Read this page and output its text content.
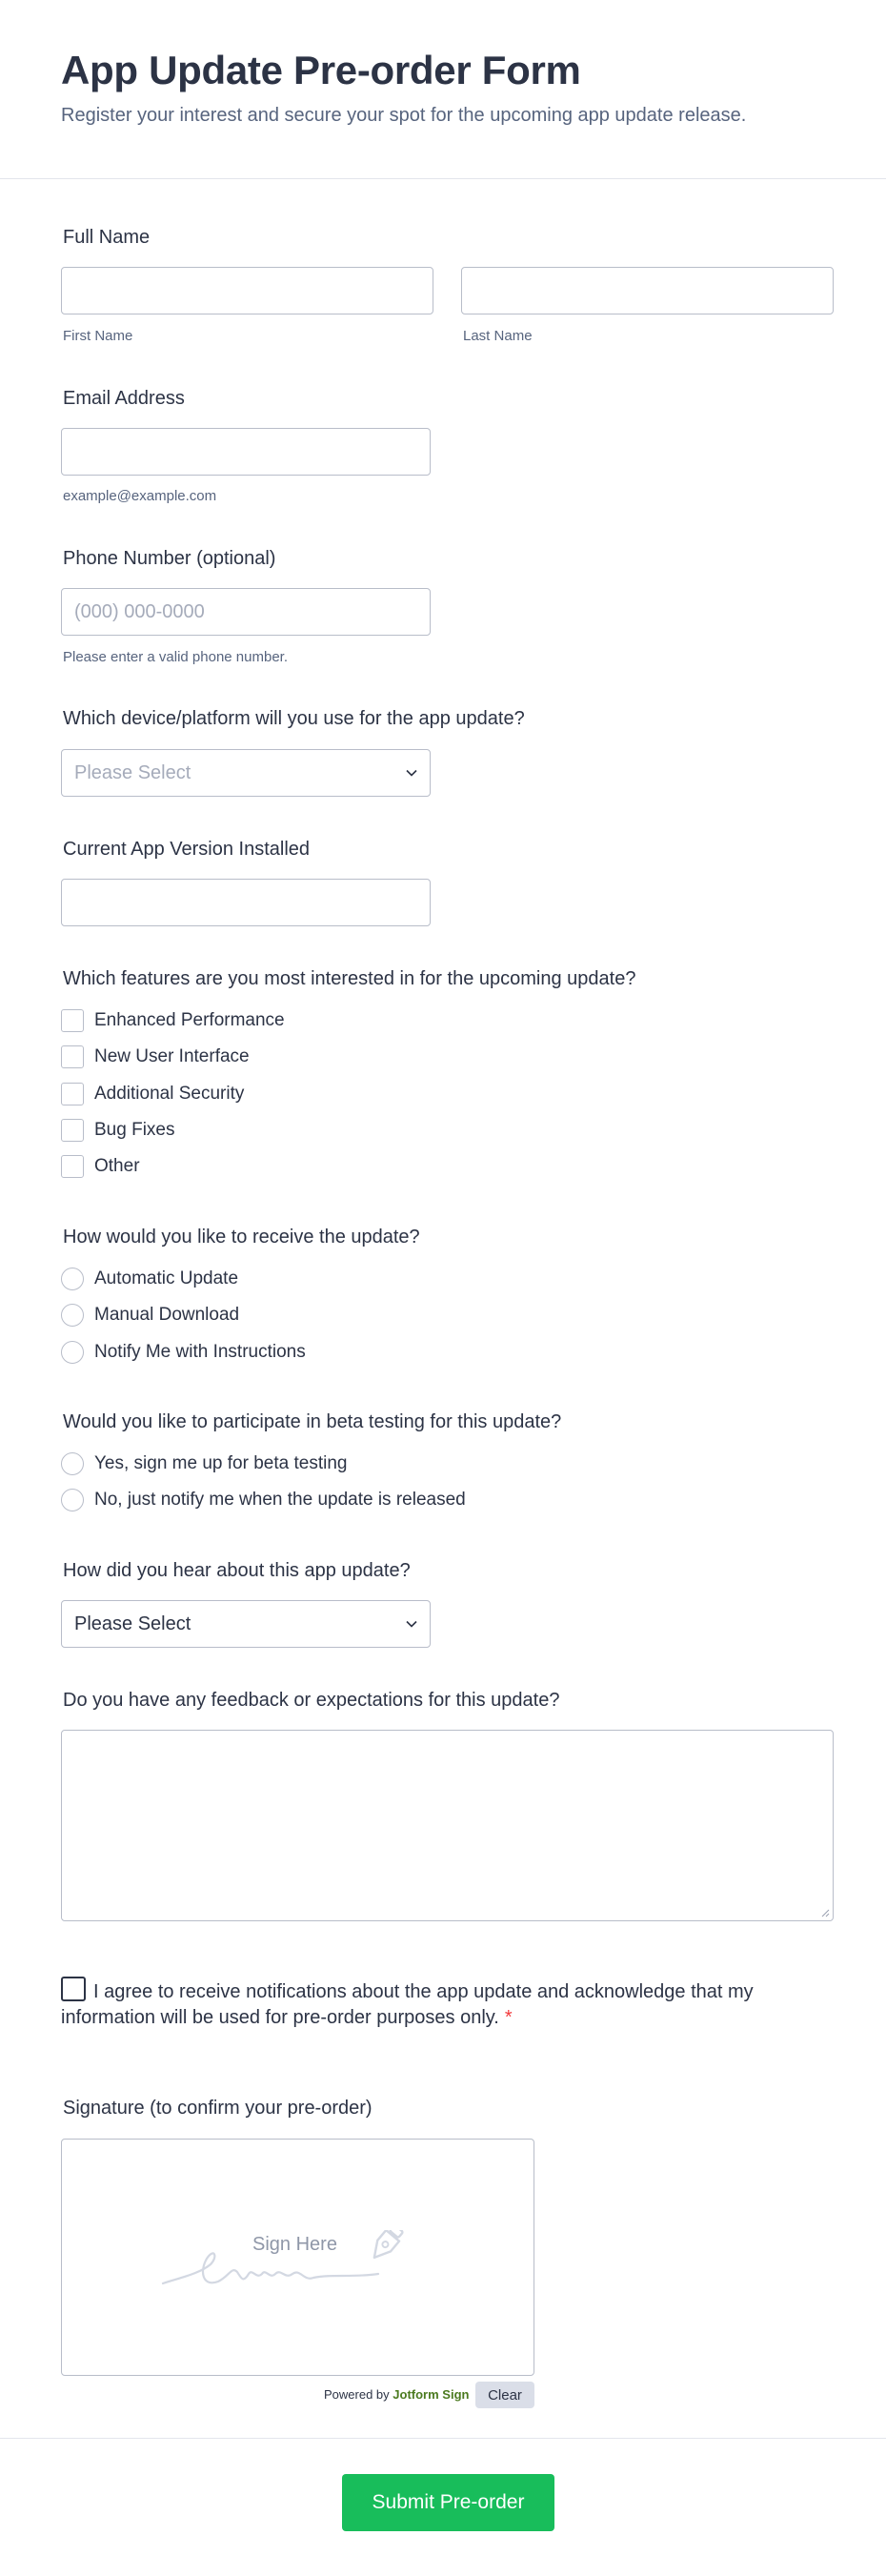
App Update Pre-order Form
Register your interest and secure your spot for the upcoming app update release.
Full Name
First Name	Last Name
Email Address
example@example.com
Phone Number (optional)
(000) 000-0000
Please enter a valid phone number.
Which device/platform will you use for the app update?
Please Select
Current App Version Installed
Which features are you most interested in for the upcoming update?
Enhanced Performance
New User Interface
Additional Security
Bug Fixes
Other
How would you like to receive the update?
Automatic Update
Manual Download
Notify Me with Instructions
Would you like to participate in beta testing for this update?
Yes, sign me up for beta testing
No, just notify me when the update is released
How did you hear about this app update?
Please Select
Do you have any feedback or expectations for this update?
I agree to receive notifications about the app update and acknowledge that my information will be used for pre-order purposes only. *
Signature (to confirm your pre-order)
Sign Here
Powered by Jotform Sign	Clear
Submit Pre-order
